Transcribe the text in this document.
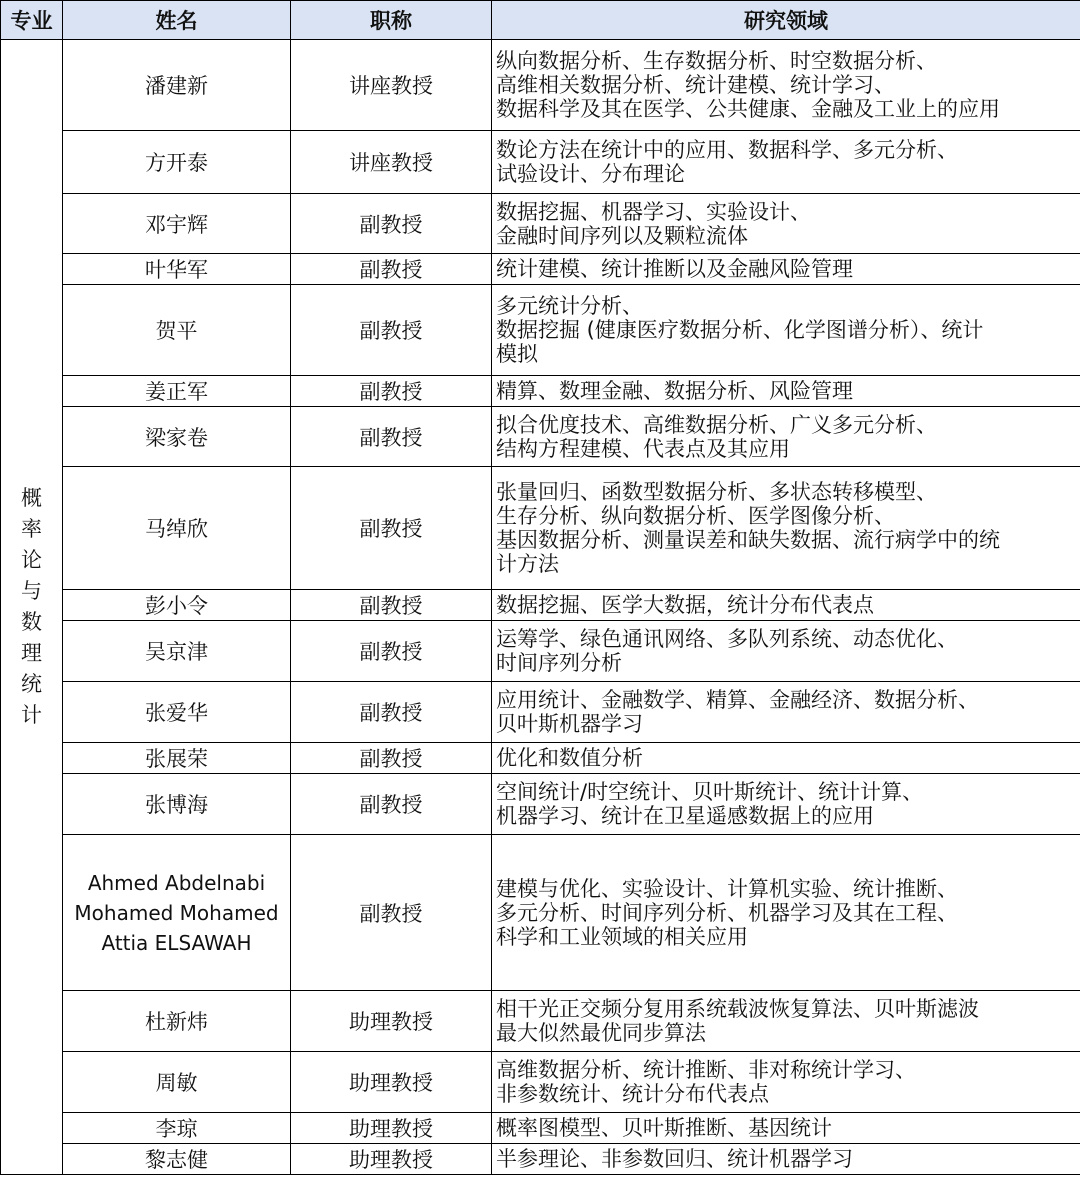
专业	姓名	职称	研究领域
概率论与数理统计	潘建新	讲座教授	纵向数据分析、生存数据分析、时空数据分析、
高维相关数据分析、统计建模、统计学习、
数据科学及其在医学、公共健康、金融及工业上的应用

	方开泰	讲座教授	数论方法在统计中的应用、数据科学、多元分析、
试验设计、分布理论

	邓宇辉	副教授	数据挖掘、机器学习、实验设计、
金融时间序列以及颗粒流体

	叶华军	副教授	统计建模、统计推断以及金融风险管理

	贺平	副教授	多元统计分析、
数据挖掘 (健康医疗数据分析、化学图谱分析）、统计
模拟

	姜正军	副教授	精算、数理金融、数据分析、风险管理

	梁家卷	副教授	拟合优度技术、高维数据分析、广义多元分析、
结构方程建模、代表点及其应用

	马绰欣	副教授	张量回归、函数型数据分析、多状态转移模型、
生存分析、纵向数据分析、医学图像分析、
基因数据分析、测量误差和缺失数据、流行病学中的统
计方法

	彭小令	副教授	数据挖掘、医学大数据，统计分布代表点

	吴京津	副教授	运筹学、绿色通讯网络、多队列系统、动态优化、
时间序列分析

	张爱华	副教授	应用统计、金融数学、精算、金融经济、数据分析、
贝叶斯机器学习

	张展荣	副教授	优化和数值分析

	张博海	副教授	空间统计/时空统计、贝叶斯统计、统计计算、
机器学习、统计在卫星遥感数据上的应用

	Ahmed Abdelnabi Mohamed Mohamed Attia ELSAWAH	副教授	建模与优化、实验设计、计算机实验、统计推断、
多元分析、时间序列分析、机器学习及其在工程、
科学和工业领域的相关应用

	杜新炜	助理教授	相干光正交频分复用系统载波恢复算法、贝叶斯滤波
最大似然最优同步算法

	周敏	助理教授	高维数据分析、统计推断、非对称统计学习、
非参数统计、统计分布代表点

	李琼	助理教授	概率图模型、贝叶斯推断、基因统计

	黎志健	助理教授	半参理论、非参数回归、统计机器学习
